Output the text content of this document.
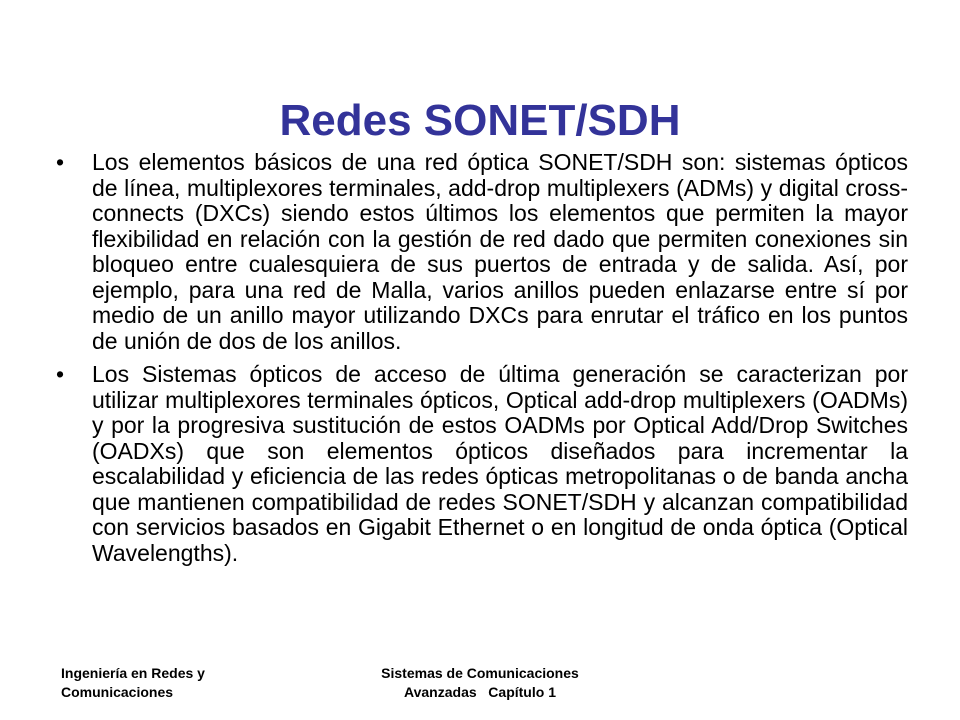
Redes SONET/SDH
•	Los elementos básicos de una red óptica SONET/SDH son: sistemas ópticos de línea, multiplexores terminales, add-drop multiplexers (ADMs) y digital cross-connects (DXCs) siendo estos últimos los elementos que permiten la mayor flexibilidad en relación con la gestión de red dado que permiten conexiones sin bloqueo entre cualesquiera de sus puertos de entrada y de salida. Así, por ejemplo, para una red de Malla, varios anillos pueden enlazarse entre sí por medio de un anillo mayor utilizando DXCs para enrutar el tráfico en los puntos de unión de dos de los anillos.
•	Los Sistemas ópticos de acceso de última generación se caracterizan por utilizar multiplexores terminales ópticos, Optical add-drop multiplexers (OADMs) y por la progresiva sustitución de estos OADMs por Optical Add/Drop Switches (OADXs) que son elementos ópticos diseñados para incrementar la escalabilidad y eficiencia de las redes ópticas metropolitanas o de banda ancha que mantienen compatibilidad de redes SONET/SDH y alcanzan compatibilidad con servicios basados en Gigabit Ethernet o en longitud de onda óptica (Optical Wavelengths).
Ingeniería en Redes y
Comunicaciones
Sistemas de Comunicaciones
Avanzadas   Capítulo 1
